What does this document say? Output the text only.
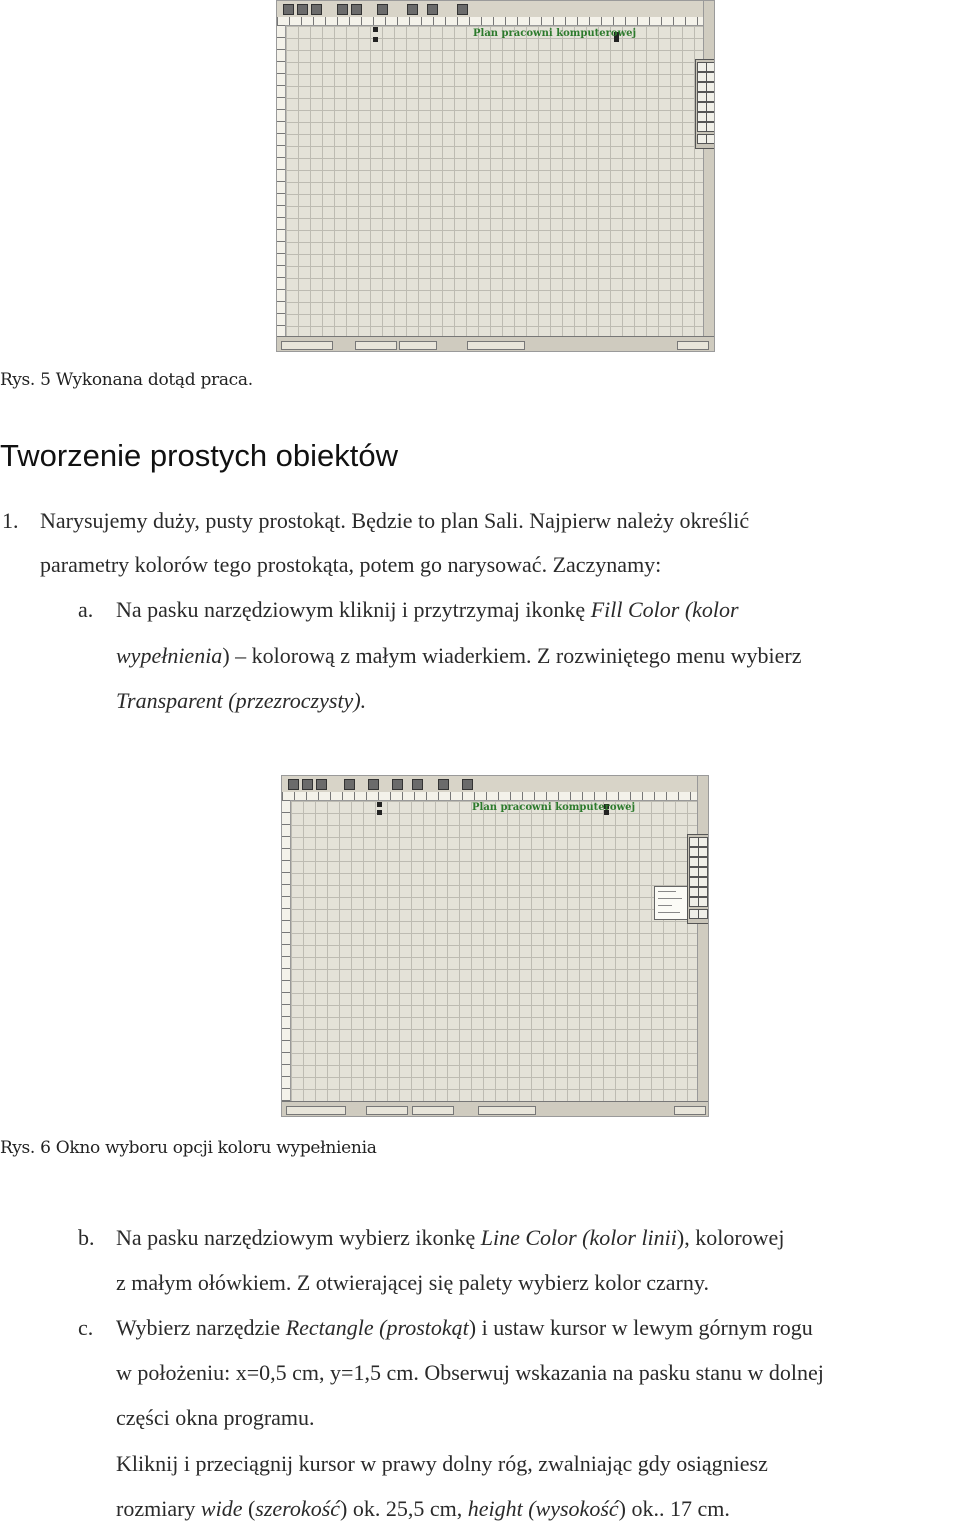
Plan pracowni komputerowej
Rys. 5 Wykonana dotąd praca.
Tworzenie prostych obiektów
1. Narysujemy duży, pusty prostokąt. Będzie to plan Sali. Najpierw należy określić
parametry kolorów tego prostokąta, potem go narysować. Zaczynamy:
a. Na pasku narzędziowym kliknij i przytrzymaj ikonkę Fill Color (kolor
wypełnienia) – kolorową z małym wiaderkiem. Z rozwiniętego menu wybierz
Transparent (przezroczysty).
Plan pracowni komputerowej
Rys. 6 Okno wyboru opcji koloru wypełnienia
b. Na pasku narzędziowym wybierz ikonkę Line Color (kolor linii), kolorowej
z małym ołówkiem. Z otwierającej się palety wybierz kolor czarny.
c. Wybierz narzędzie Rectangle (prostokąt) i ustaw kursor w lewym górnym rogu
w położeniu: x=0,5 cm, y=1,5 cm. Obserwuj wskazania na pasku stanu w dolnej
części okna programu.
Kliknij i przeciągnij kursor w prawy dolny róg, zwalniając gdy osiągniesz
rozmiary wide (szerokość) ok. 25,5 cm, height (wysokość) ok.. 17 cm.
